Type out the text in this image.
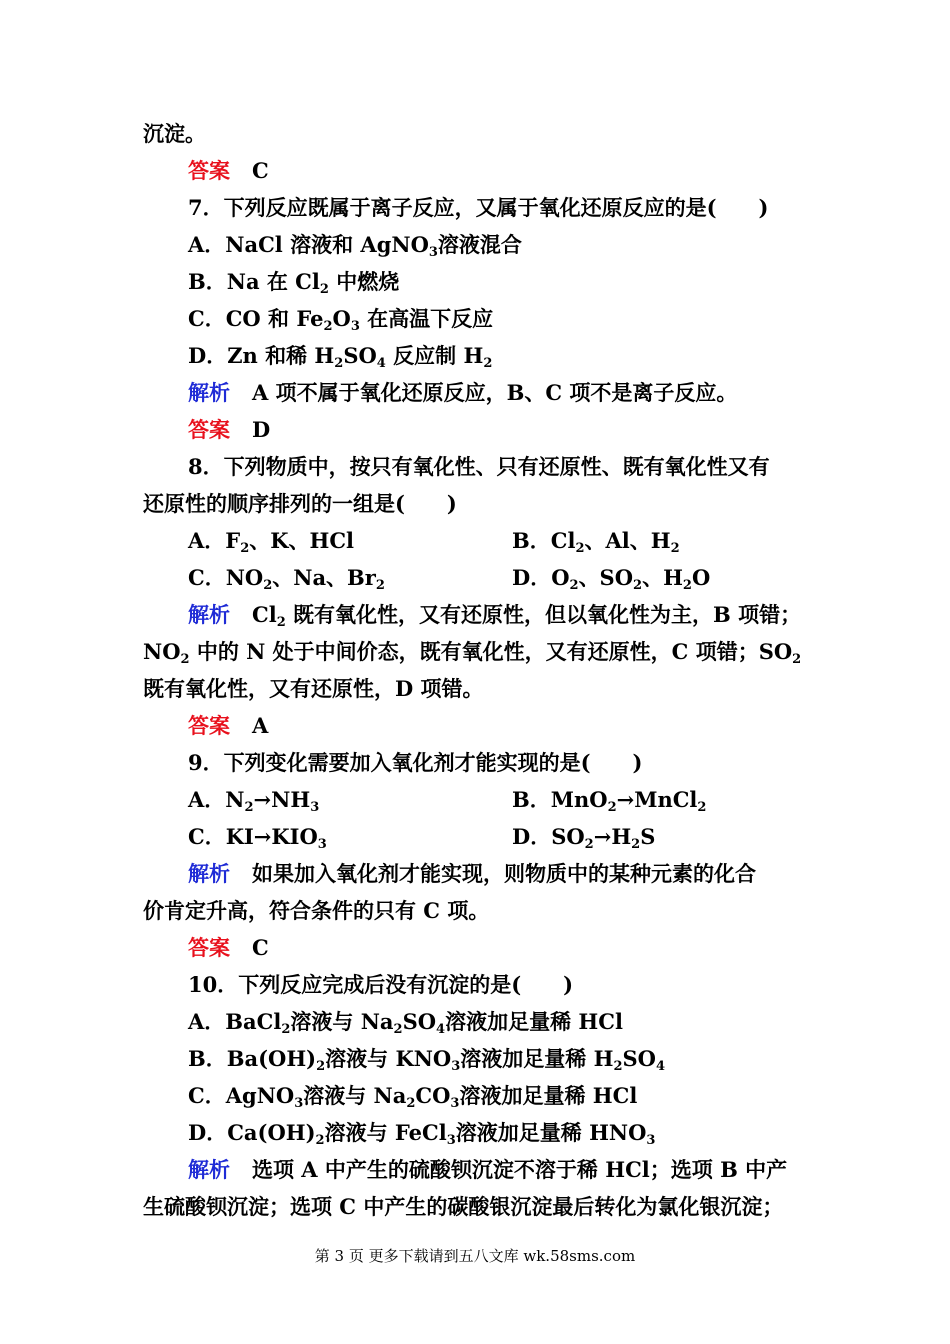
沉淀。
答案 C
7．下列反应既属于离子反应，又属于氧化还原反应的是(　　)
A．NaCl 溶液和 AgNO$_3$溶液混合
B．Na 在 $Cl_2$ 中燃烧
C．CO 和 $Fe_2O_3$ 在高温下反应
D．Zn 和稀 $H_2SO_4$ 反应制 $H_2$
解析 A 项不属于氧化还原反应，B、C 项不是离子反应。
答案 D
8．下列物质中，按只有氧化性、只有还原性、既有氧化性又有
还原性的顺序排列的一组是(　　)
A．$F_2$、K、HCl	B．$Cl_2$、Al、$H_2$
C．$NO_2$、Na、$Br_2$	D．$O_2$、$SO_2$、$H_2O$
解析 $Cl_2$ 既有氧化性，又有还原性，但以氧化性为主，B 项错；
$NO_2$ 中的 N 处于中间价态，既有氧化性，又有还原性，C 项错；$SO_2$
既有氧化性，又有还原性，D 项错。
答案 A
9．下列变化需要加入氧化剂才能实现的是(　　)
A．$N_2\to NH_3$	B．MnO$_2$→MnCl$_2$
C．$KI\to KIO_3$	D．$SO_2\to H_2S$
解析 如果加入氧化剂才能实现，则物质中的某种元素的化合
价肯定升高，符合条件的只有 C 项。
答案 C
10．下列反应完成后没有沉淀的是(　　)
A．BaCl$_2$溶液与 $Na_2SO_4$溶液加足量稀 HCl
B．$Ba(OH)_2$溶液与 $KNO_3$溶液加足量稀 $H_2SO_4$
C．AgNO$_3$溶液与 $Na_2CO_3$溶液加足量稀 HCl
D．$Ca(OH)_2$溶液与 FeCl$_3$溶液加足量稀 $HNO_3$
解析 选项 A 中产生的硫酸钡沉淀不溶于稀 HCl；选项 B 中产
生硫酸钡沉淀；选项 C 中产生的碳酸银沉淀最后转化为氯化银沉淀；
第 3 页 更多下载请到五八文库 wk.58sms.com
